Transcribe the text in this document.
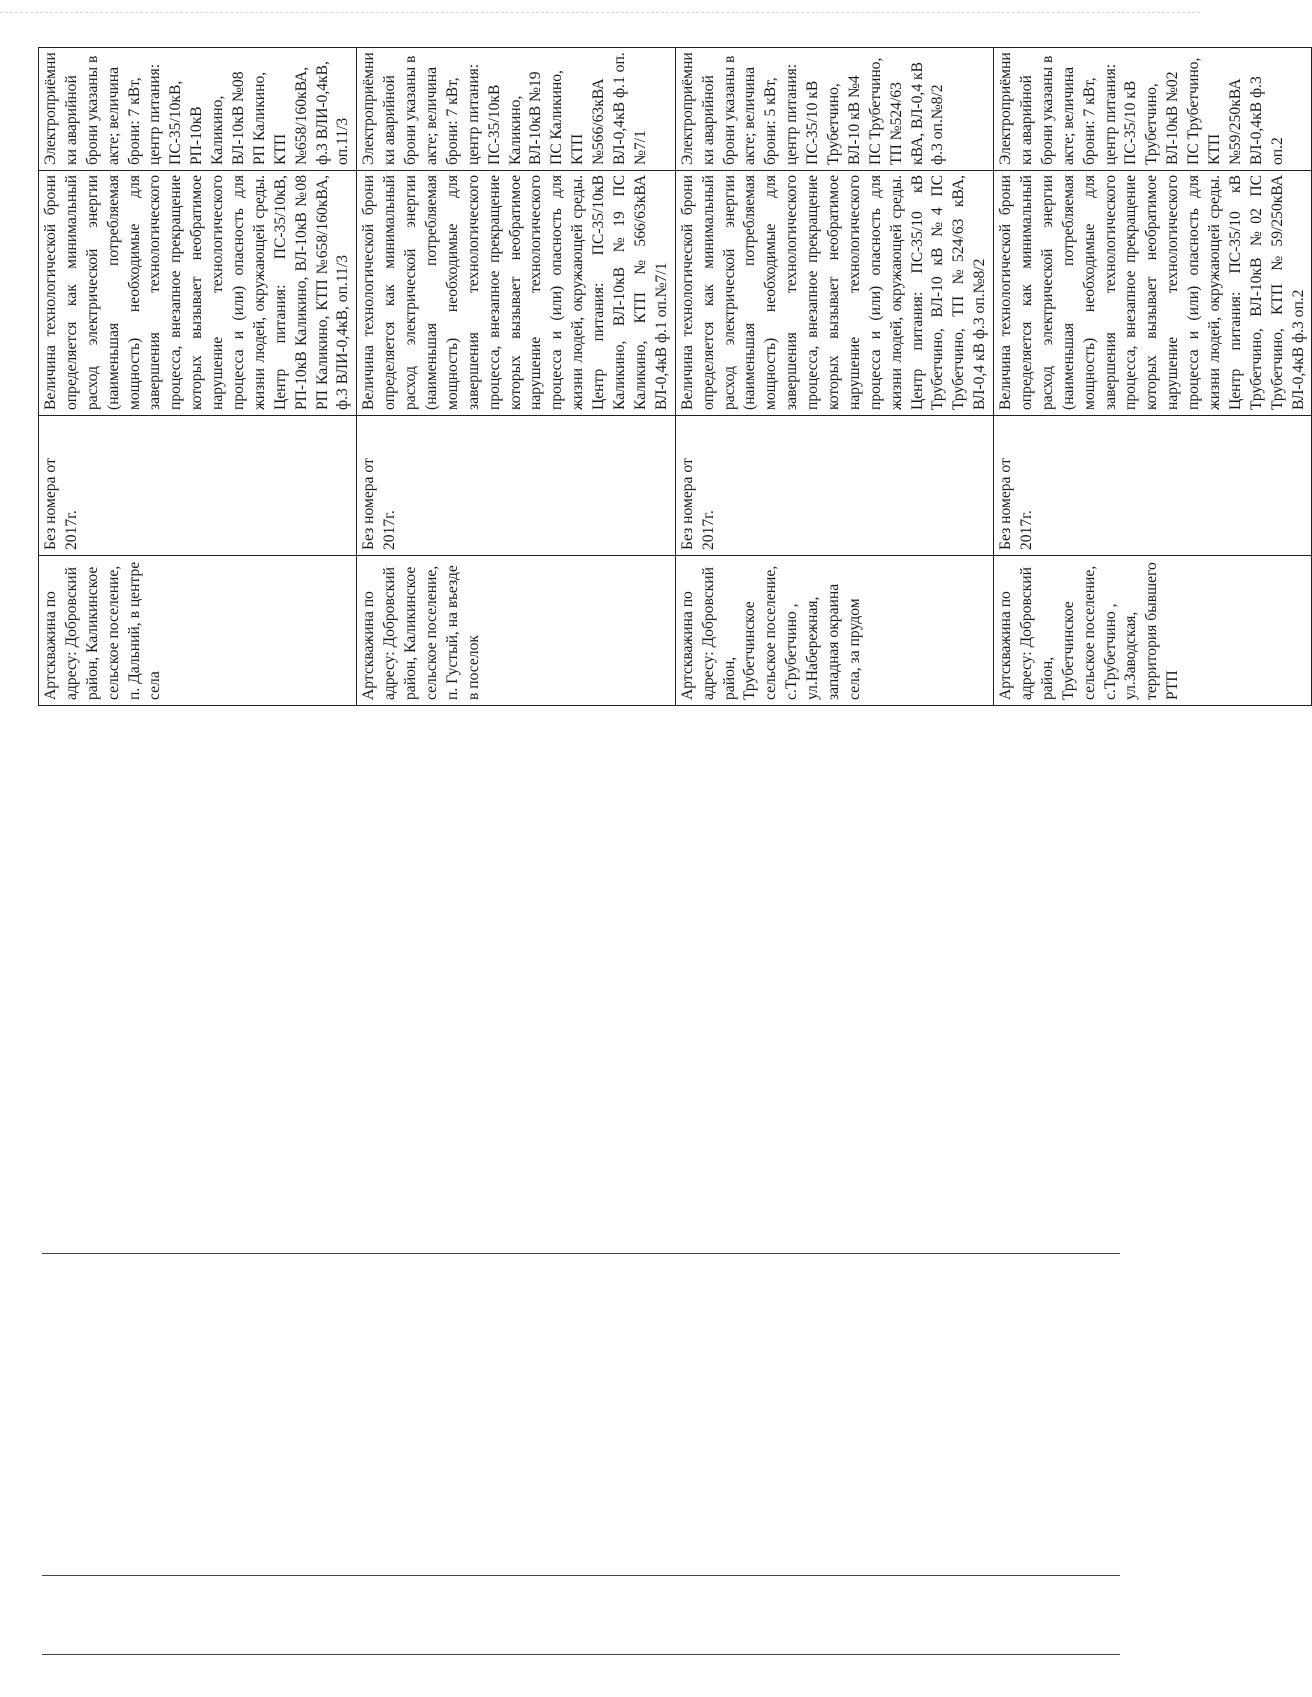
Артскважина по адресу: Добровский район, Каликинское сельское поселение, п. Дальний, в центре села	Без номера от 2017г.	Величина технологической брони определяется как минимальный расход электрической энергии (наименьшая потребляемая мощность) необходимые для завершения технологического процесса, внезапное прекращение которых вызывает необратимое нарушение технологического процесса и (или) опасность для жизни людей, окружающей среды. Центр питания: ПС-35/10кВ, РП-10кВ Каликино, ВЛ-10кВ №08 РП Каликино, КТП №658/160кВА, ф.3 ВЛИ-0,4кВ, оп.11/3	Электроприёмники аварийной брони указаны в акте; величина брони: 7 кВт, центр питания: ПС-35/10кВ, РП-10кВ Каликино, ВЛ-10кВ №08 РП Каликино, КТП №658/160кВА, ф.3 ВЛИ-0,4кВ, оп.11/3

Артскважина по адресу: Добровский район, Каликинское сельское поселение, п. Густый, на въезде в поселок	Без номера от 2017г.	Величина технологической брони определяется как минимальный расход электрической энергии (наименьшая потребляемая мощность) необходимые для завершения технологического процесса, внезапное прекращение которых вызывает необратимое нарушение технологического процесса и (или) опасность для жизни людей, окружающей среды. Центр питания: ПС-35/10кВ Каликино, ВЛ-10кВ №19 ПС Каликино, КТП №566/63кВА ВЛ-0,4кВ ф.1 оп.№7/1	Электроприёмники аварийной брони указаны в акте; величина брони: 7 кВт, центр питания: ПС-35/10кВ Каликино, ВЛ-10кВ №19 ПС Каликино, КТП №566/63кВА ВЛ-0,4кВ ф.1 оп.№7/1

Артскважина по адресу: Добровский район, Трубетчинское сельское поселение, с.Трубетчино , ул.Набережная, западная окраина села, за прудом	Без номера от 2017г.	Величина технологической брони определяется как минимальный расход электрической энергии (наименьшая потребляемая мощность) необходимые для завершения технологического процесса, внезапное прекращение которых вызывает необратимое нарушение технологического процесса и (или) опасность для жизни людей, окружающей среды. Центр питания: ПС-35/10 кВ Трубетчино, ВЛ-10 кВ №4 ПС Трубетчино, ТП №524/63 кВА, ВЛ-0,4 кВ ф.3 оп.№8/2	Электроприёмники аварийной брони указаны в акте; величина брони: 5 кВт, центр питания: ПС-35/10 кВ Трубетчино, ВЛ-10 кВ №4 ПС Трубетчино, ТП №524/63 кВА, ВЛ-0,4 кВ ф.3 оп.№8/2

Артскважина по адресу: Добровский район, Трубетчинское сельское поселение, с.Трубетчино , ул.Заводская, территория бывшего РТП	Без номера от 2017г.	Величина технологической брони определяется как минимальный расход электрической энергии (наименьшая потребляемая мощность) необходимые для завершения технологического процесса, внезапное прекращение которых вызывает необратимое нарушение технологического процесса и (или) опасность для жизни людей, окружающей среды. Центр питания: ПС-35/10 кВ Трубетчино, ВЛ-10кВ №02 ПС Трубетчино, КТП №59/250кВА ВЛ-0,4кВ ф.3 оп.2	Электроприёмники аварийной брони указаны в акте; величина брони: 7 кВт, центр питания: ПС-35/10 кВ Трубетчино, ВЛ-10кВ №02 ПС Трубетчино, КТП №59/250кВА ВЛ-0,4кВ ф.3 оп.2
